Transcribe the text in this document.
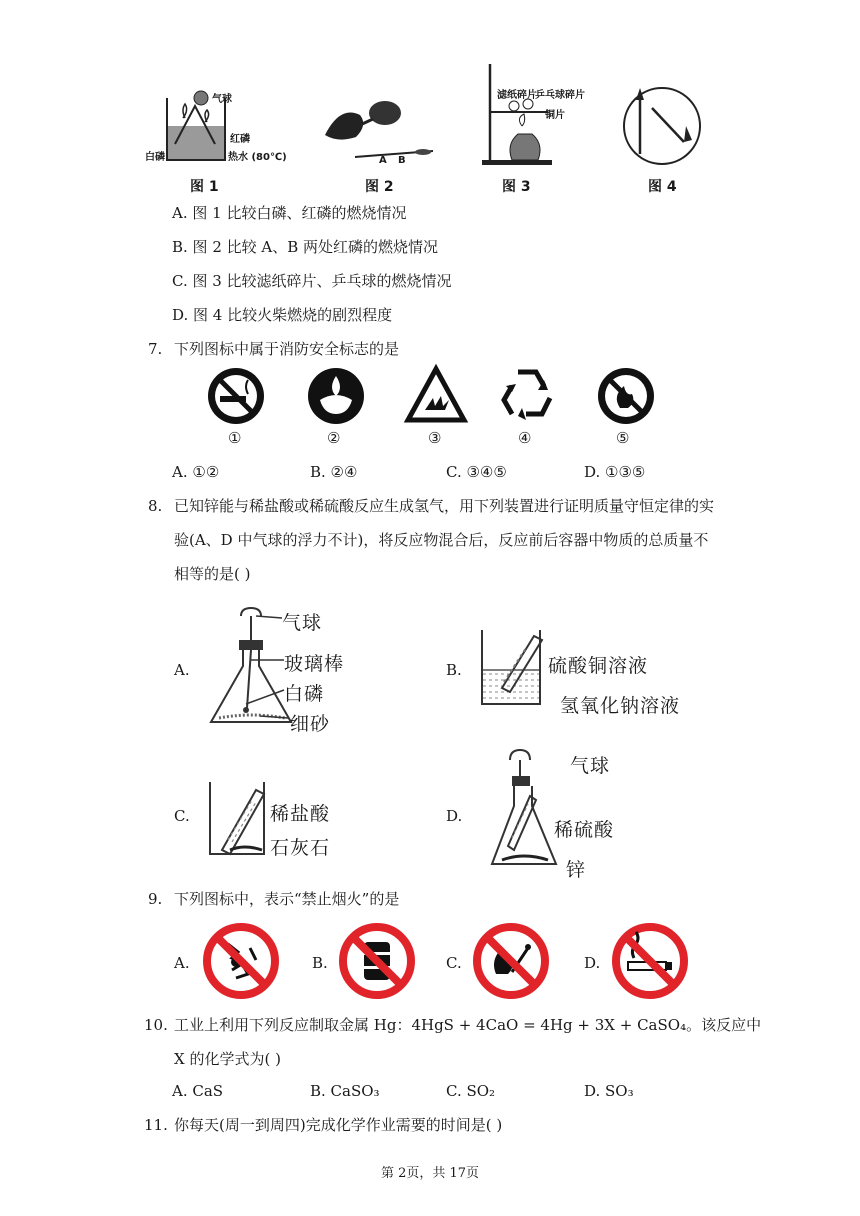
气球
白磷
红磷
热水 (80℃)
图 1
A B
图 2
滤纸碎片
乒乓球碎片
铜片
图 3	图 4
A. 图 1 比较白磷、红磷的燃烧情况
B. 图 2 比较 A、B 两处红磷的燃烧情况
C. 图 3 比较滤纸碎片、乒乓球的燃烧情况
D. 图 4 比较火柴燃烧的剧烈程度
7. 下列图标中属于消防安全标志的是
①	②	③	④	⑤
A. ①②	B. ②④	C. ③④⑤	D. ①③⑤
8. 已知锌能与稀盐酸或稀硫酸反应生成氢气，用下列装置进行证明质量守恒定律的实
验(A、D 中气球的浮力不计)，将反应物混合后，反应前后容器中物质的总质量不
相等的是( )
A.
气球
玻璃棒
白磷
细砂
B.	硫酸铜溶液
氢氧化钠溶液
C.	稀盐酸
石灰石
D.
气球
稀硫酸
锌
9. 下列图标中，表示“禁止烟火”的是
A.	B.	C.	D.
10. 工业上利用下列反应制取金属 Hg：4HgS + 4CaO = 4Hg + 3X + CaSO₄。该反应中
X 的化学式为( )
A. CaS	B. CaSO₃	C. SO₂	D. SO₃
11. 你每天(周一到周四)完成化学作业需要的时间是( )
第 2页，共 17页
